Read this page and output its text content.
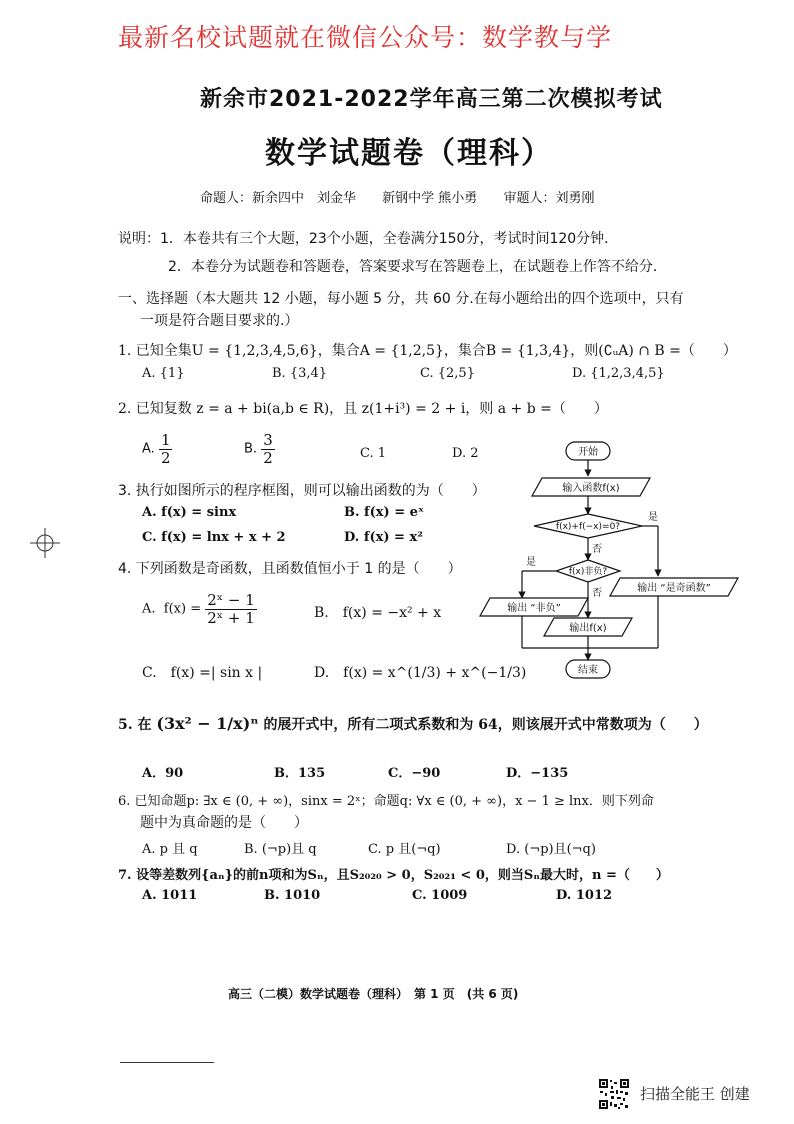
最新名校试题就在微信公众号：数学教与学
新余市2021-2022学年高三第二次模拟考试
数学试题卷（理科）
命题人：新余四中　刘金华 新钢中学 熊小勇 审题人：刘勇刚
说明：1．本卷共有三个大题，23个小题，全卷满分150分，考试时间120分钟．
2．本卷分为试题卷和答题卷，答案要求写在答题卷上，在试题卷上作答不给分．
一、选择题（本大题共 12 小题，每小题 5 分，共 60 分.在每小题给出的四个选项中，只有
一项是符合题目要求的.）
1. 已知全集U = {1,2,3,4,5,6}，集合A = {1,2,5}，集合B = {1,3,4}，则(∁ᵤA) ∩ B =（　　）
A. {1}	B. {3,4}	C. {2,5}	D. {1,2,3,4,5}
2. 已知复数 z = a + bi(a,b ∈ R)，且 z(1+i³) = 2 + i，则 a + b =（　　）
A. $\frac{1}{2}$	B. $\frac{3}{2}$	C. 1	D. 2
3. 执行如图所示的程序框图，则可以输出函数的为（　　）
A. f(x) = sinx	B. f(x) = eˣ
C. f(x) = lnx + x + 2	D. f(x) = x²
4. 下列函数是奇函数，且函数值恒小于 1 的是（　　）
A. $f(x) = \frac{\text{2ˣ − 1}}{\text{2ˣ + 1}}$	B.　f(x) = −x² + x
C.　f(x) =| sin x |	D.　f(x) = x^(1/3) + x^(−1/3)
开始
输入函数f(x)
f(x)+f(−x)=0?
是
否
f(x)非负?
是
否
输出 “非负”
输出 “是奇函数”
输出f(x)
结束
5. 在 (3x² − 1/x)ⁿ 的展开式中，所有二项式系数和为 64，则该展开式中常数项为（　　）
A．90	B．135	C．−90	D．−135
6. 已知命题p: ∃x ∈ (0, + ∞)，sinx = 2ˣ；命题q: ∀x ∈ (0, + ∞)，x − 1 ≥ lnx．则下列命
题中为真命题的是（　　）
A. p 且 q	B. (¬p)且 q	C. p 且(¬q)	D. (¬p)且(¬q)
7. 设等差数列{aₙ}的前n项和为Sₙ，且S₂₀₂₀ > 0，S₂₀₂₁ < 0，则当Sₙ最大时，n =（　　）
A. 1011	B. 1010	C. 1009	D. 1012
高三（二模）数学试题卷（理科）　第 1 页　(共 6 页)
扫描全能王 创建
